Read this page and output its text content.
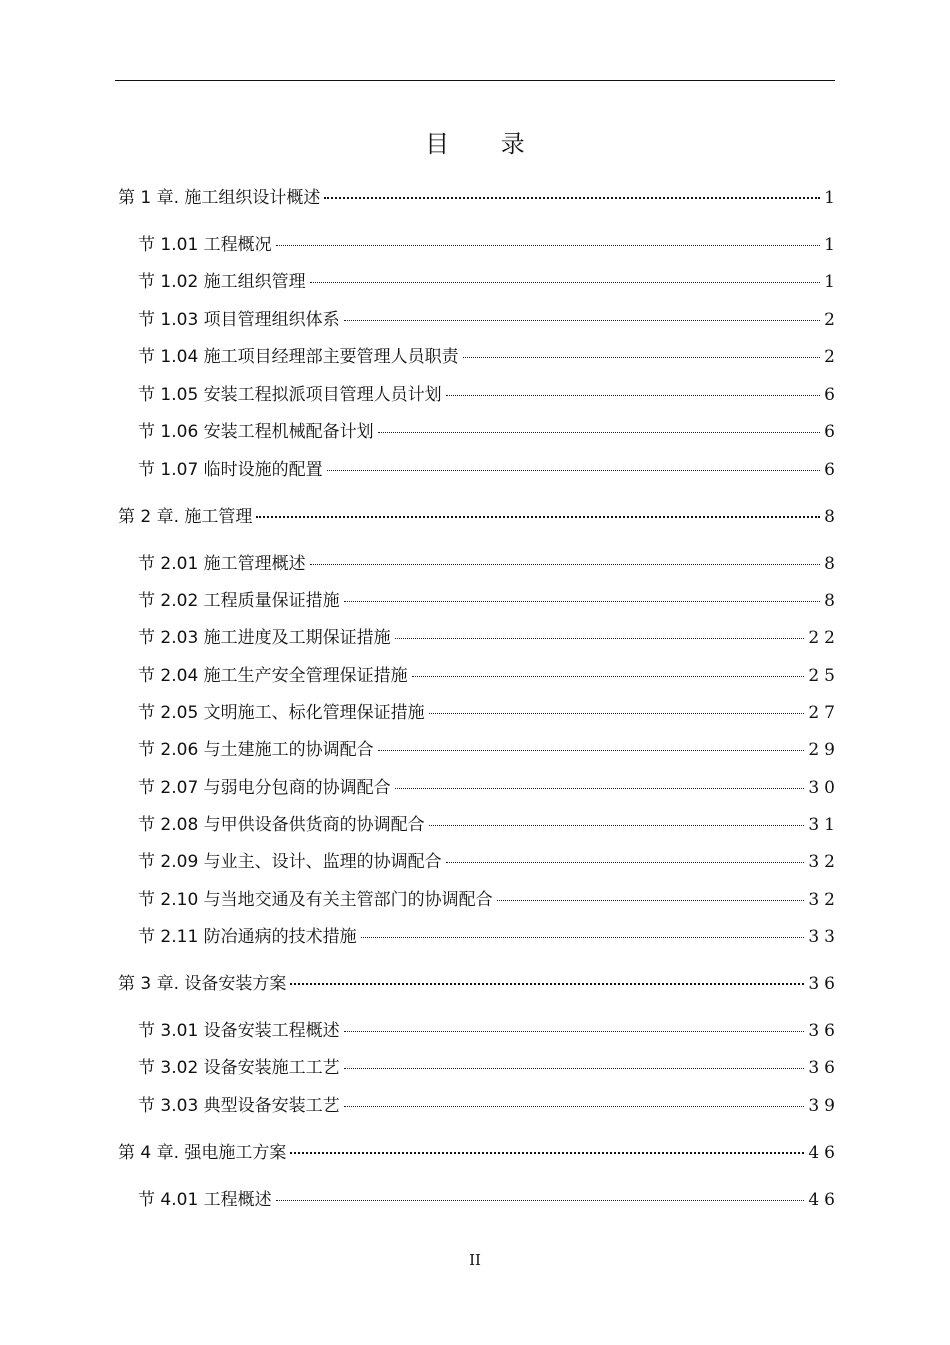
目 录
第 1 章. 施工组织设计概述	1
节 1.01 工程概况	1
节 1.02 施工组织管理	1
节 1.03 项目管理组织体系	2
节 1.04 施工项目经理部主要管理人员职责	2
节 1.05 安装工程拟派项目管理人员计划	6
节 1.06 安装工程机械配备计划	6
节 1.07 临时设施的配置	6
第 2 章. 施工管理	8
节 2.01 施工管理概述	8
节 2.02 工程质量保证措施	8
节 2.03 施工进度及工期保证措施	22
节 2.04 施工生产安全管理保证措施	25
节 2.05 文明施工、标化管理保证措施	27
节 2.06 与土建施工的协调配合	29
节 2.07 与弱电分包商的协调配合	30
节 2.08 与甲供设备供货商的协调配合	31
节 2.09 与业主、设计、监理的协调配合	32
节 2.10 与当地交通及有关主管部门的协调配合	32
节 2.11 防冶通病的技术措施	33
第 3 章. 设备安装方案	36
节 3.01 设备安装工程概述	36
节 3.02 设备安装施工工艺	36
节 3.03 典型设备安装工艺	39
第 4 章. 强电施工方案	46
节 4.01 工程概述	46
II
